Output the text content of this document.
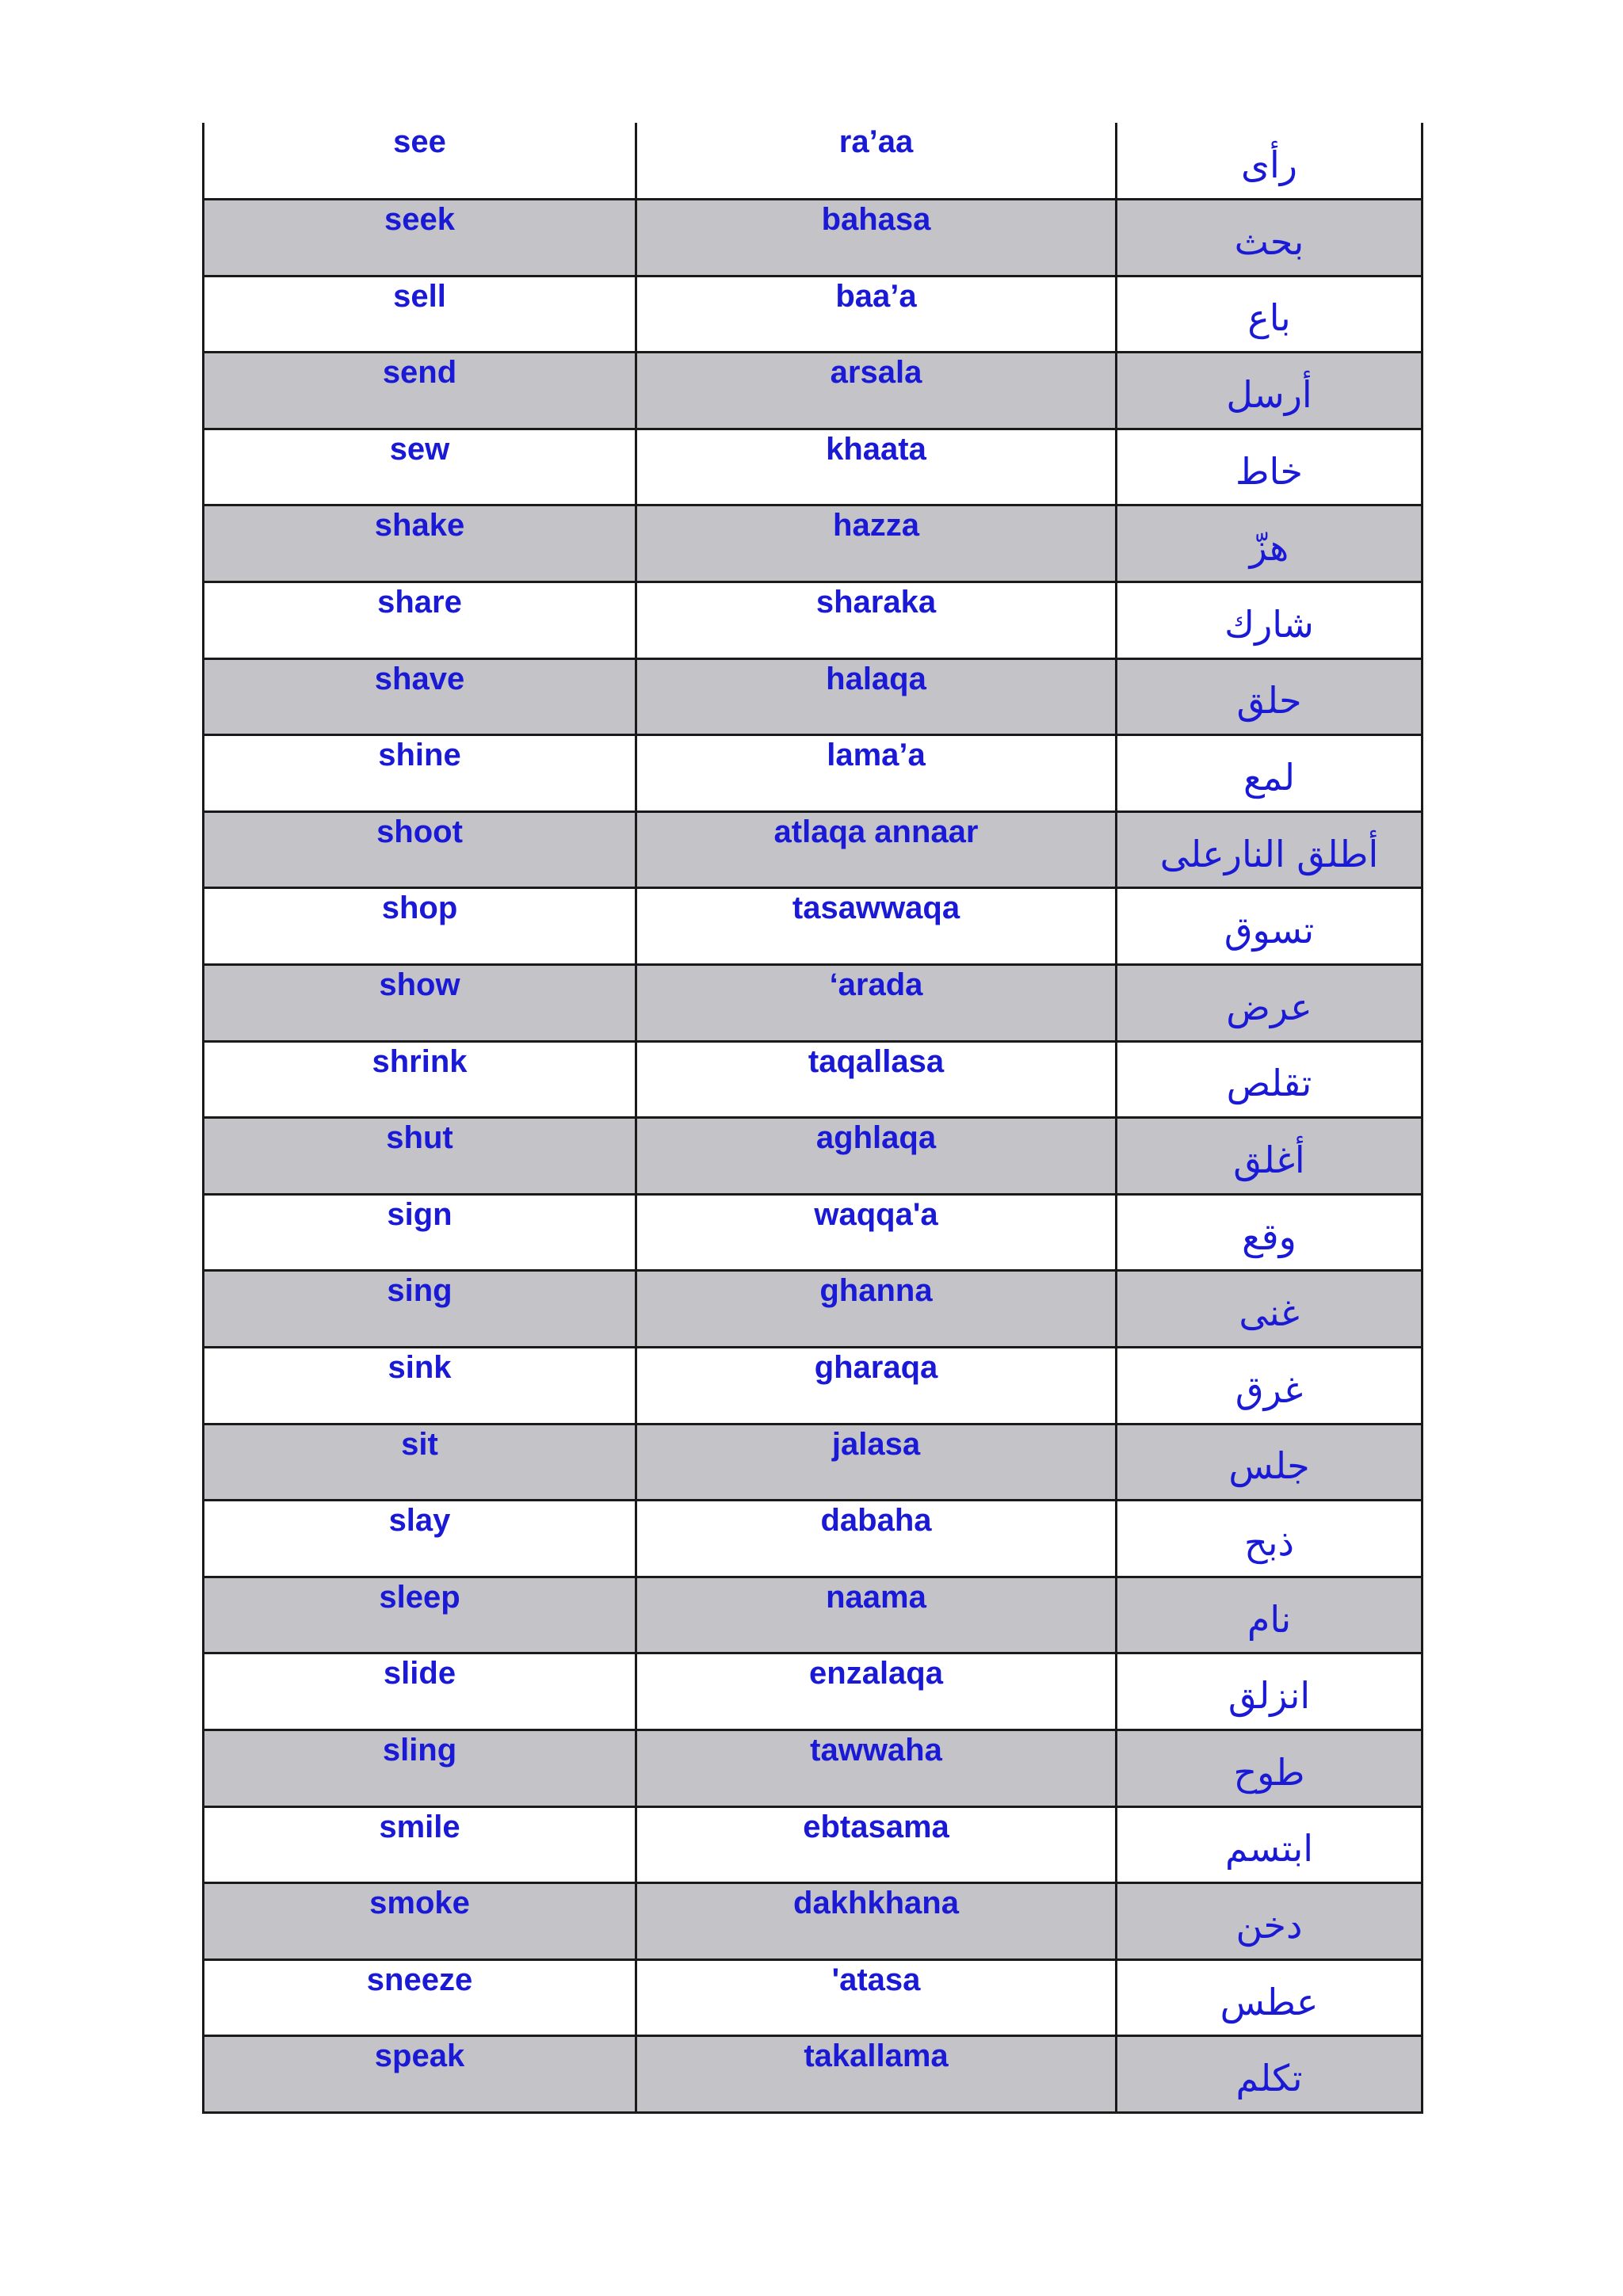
see	ra’aa	رأى
seek	bahasa	بحث
sell	baa’a	باع
send	arsala	أرسل
sew	khaata	خاط
shake	hazza	هزّ
share	sharaka	شارك
shave	halaqa	حلق
shine	lama’a	لمع
shoot	atlaqa annaar	أطلق النارعلى
shop	tasawwaqa	تسوق
show	‘arada	عرض
shrink	taqallasa	تقلص
shut	aghlaqa	أغلق
sign	waqqa'a	وقع
sing	ghanna	غنى
sink	gharaqa	غرق
sit	jalasa	جلس
slay	dabaha	ذبح
sleep	naama	نام
slide	enzalaqa	انزلق
sling	tawwaha	طوح
smile	ebtasama	ابتسم
smoke	dakhkhana	دخن
sneeze	'atasa	عطس
speak	takallama	تكلم
